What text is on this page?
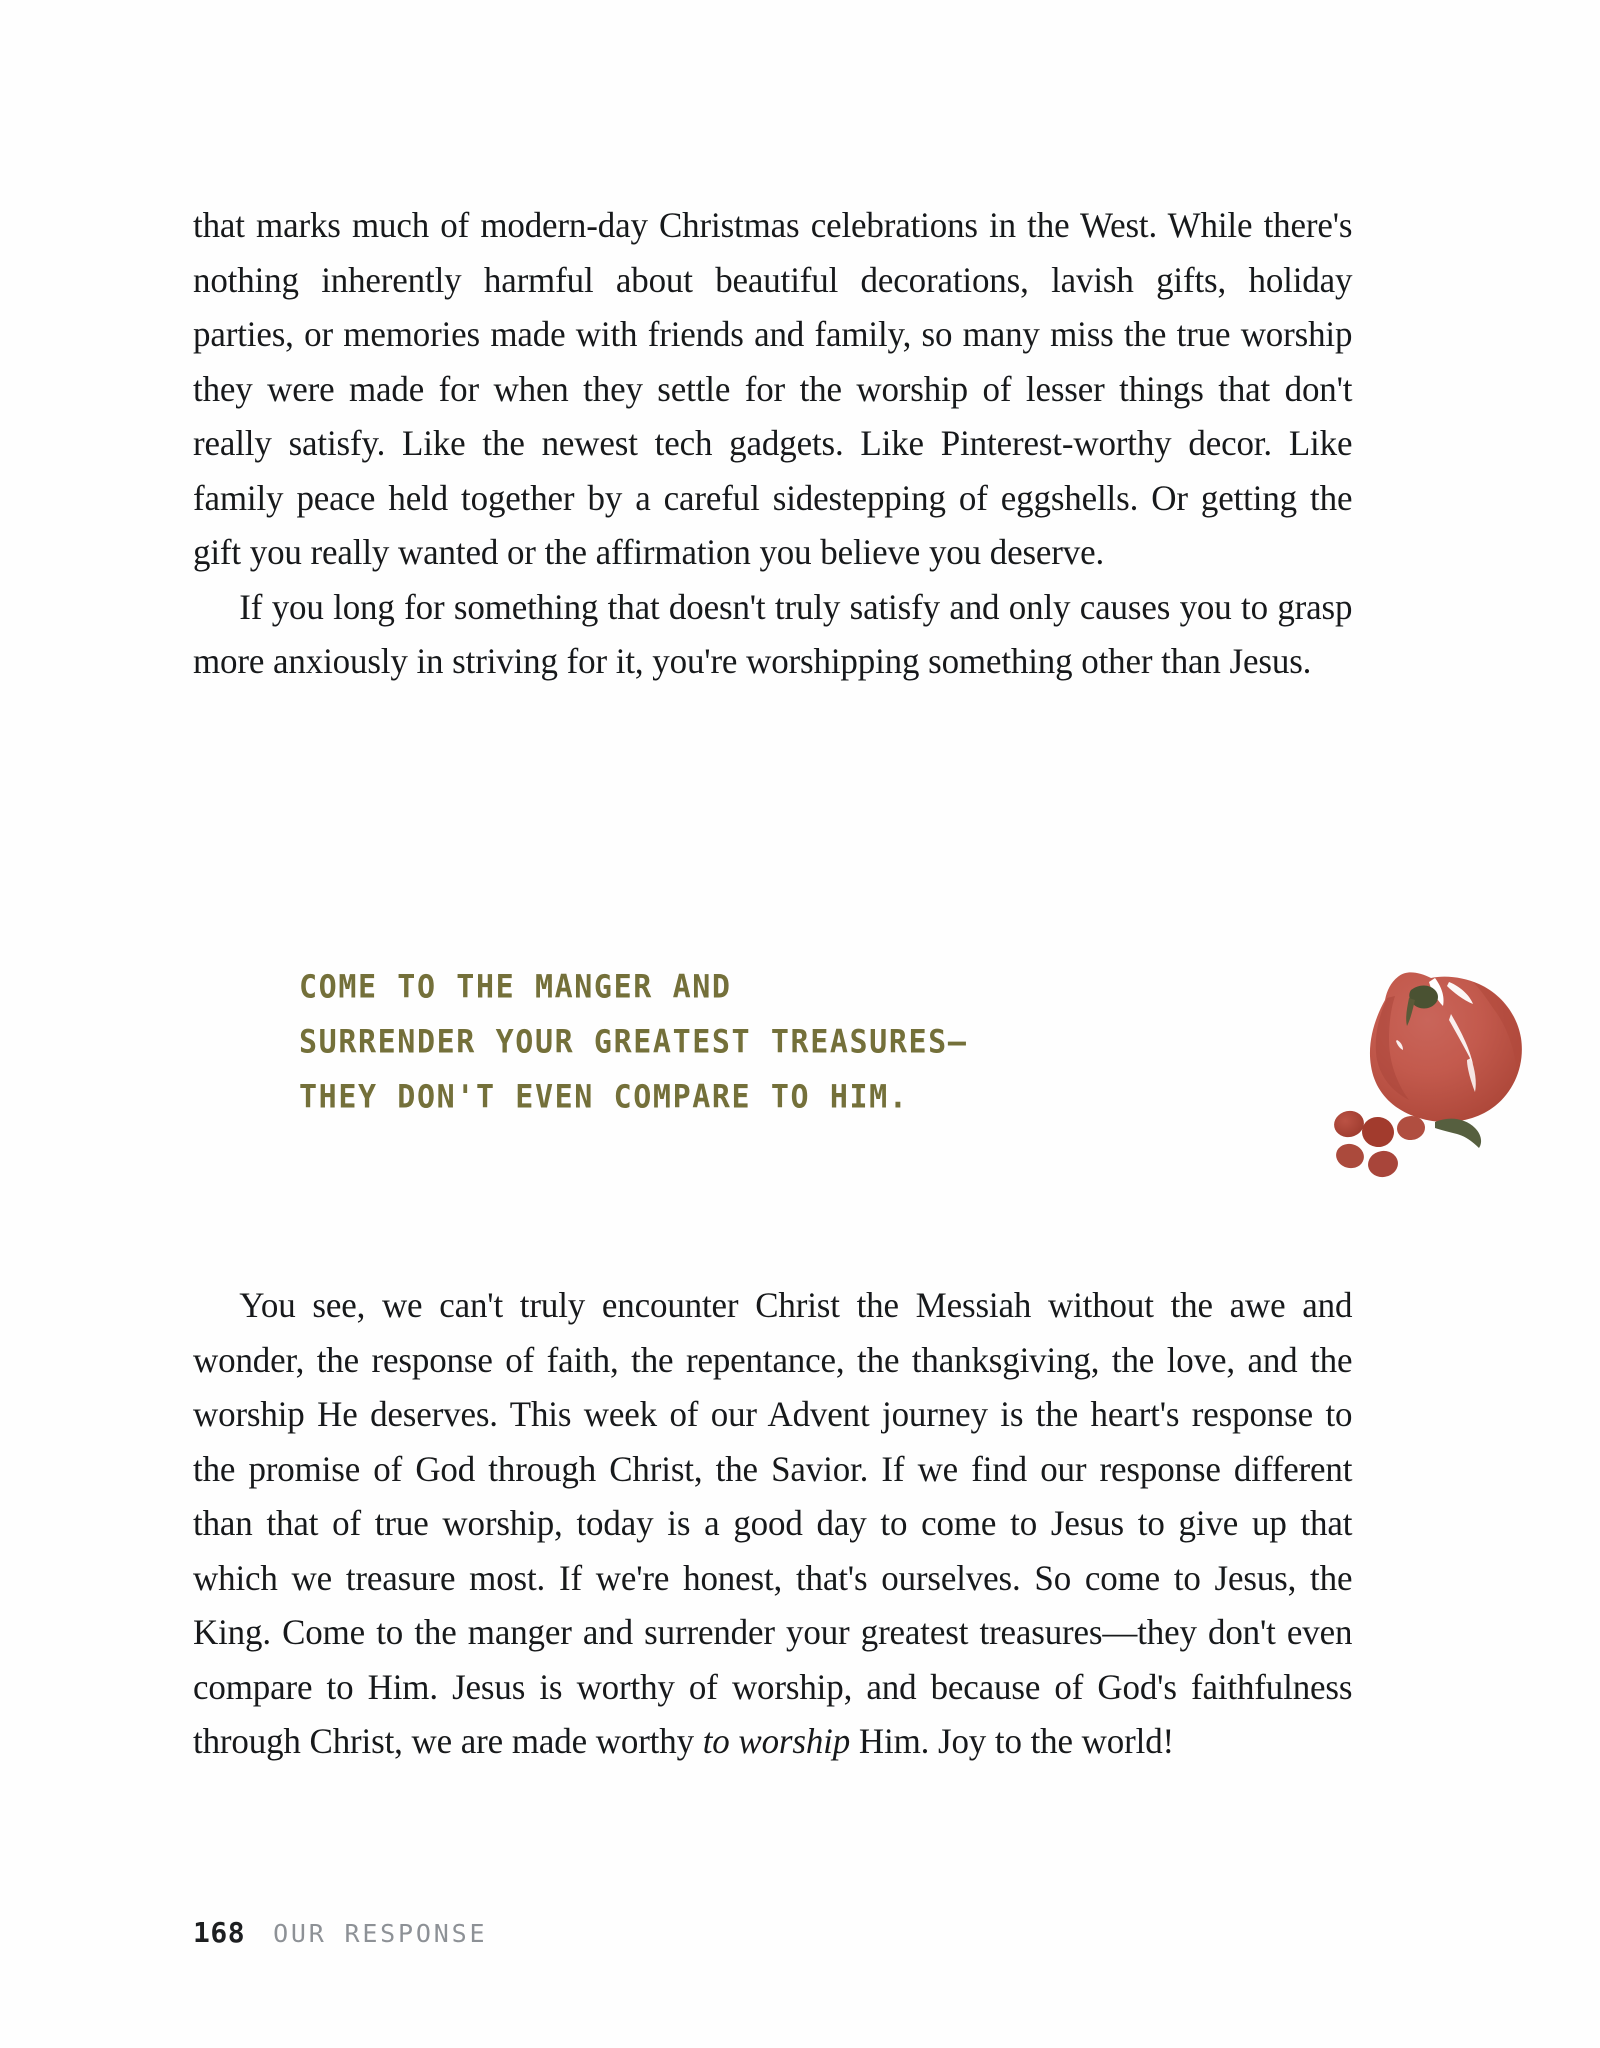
that marks much of modern-day Christmas celebrations in the West. While there's nothing inherently harmful about beautiful decorations, lavish gifts, holiday parties, or memories made with friends and family, so many miss the true worship they were made for when they settle for the worship of lesser things that don't really satisfy. Like the newest tech gadgets. Like Pinterest-worthy decor. Like family peace held together by a careful sidestepping of eggshells. Or getting the gift you really wanted or the affirmation you believe you deserve.

If you long for something that doesn't truly satisfy and only causes you to grasp more anxiously in striving for it, you're worshipping something other than Jesus.

COME TO THE MANGER AND
SURRENDER YOUR GREATEST TREASURES—
THEY DON'T EVEN COMPARE TO HIM.

You see, we can't truly encounter Christ the Messiah without the awe and wonder, the response of faith, the repentance, the thanksgiving, the love, and the worship He deserves. This week of our Advent journey is the heart's response to the promise of God through Christ, the Savior. If we find our response different than that of true worship, today is a good day to come to Jesus to give up that which we treasure most. If we're honest, that's ourselves. So come to Jesus, the King. Come to the manger and surrender your greatest treasures—they don't even compare to Him. Jesus is worthy of worship, and because of God's faithfulness through Christ, we are made worthy to worship Him. Joy to the world!

168 OUR RESPONSE
